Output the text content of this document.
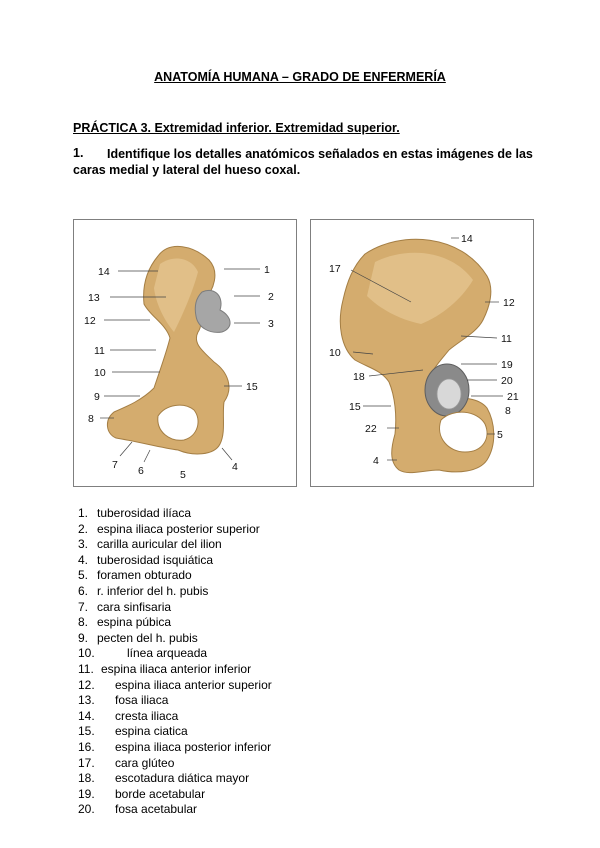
ANATOMÍA HUMANA – GRADO DE ENFERMERÍA
PRÁCTICA 3. Extremidad inferior. Extremidad superior.
1.	Identifique los detalles anatómicos señalados en estas imágenes de las caras medial y lateral del hueso coxal.
14	1
13	2
12	3
11
10
15
9
8
7 6	5
4
14
17
12
11
10
19
18	20
21
15	8
22	5
4
1. tuberosidad ilíaca
2. espina iliaca posterior superior
3. carilla auricular del ilion
4. tuberosidad isquiática
5. foramen obturado
6. r. inferior del h. pubis
7. cara sinfisaria
8. espina púbica
9. pecten del h. pubis
10.	línea arqueada
11. espina iliaca anterior inferior
12. espina iliaca anterior superior
13. fosa iliaca
14. cresta iliaca
15. espina ciatica
16. espina iliaca posterior inferior
17. cara glúteo
18. escotadura diática mayor
19. borde acetabular
20. fosa acetabular
